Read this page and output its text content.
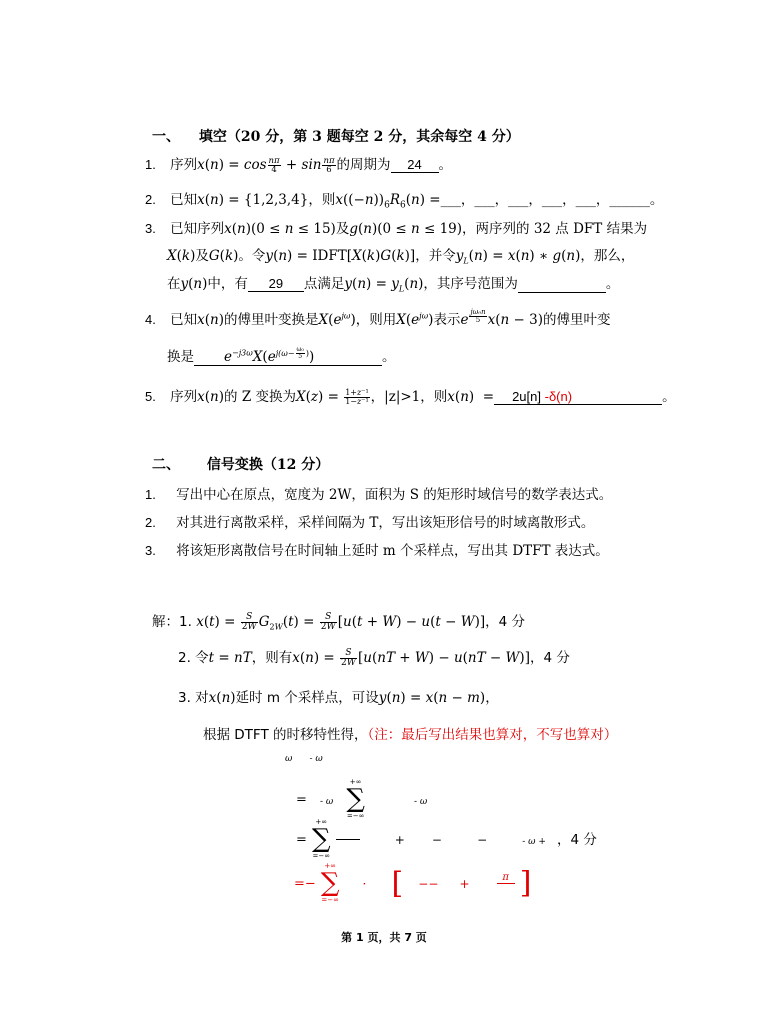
一、 填空（20 分，第 3 题每空 2 分，其余每空 4 分）
1. 序列$x(n) = \cos \frac{n\pi}{4} + \sin \frac{n\pi}{6}$ 的周期为 24 。
2. 已知x(n) = {1,2,3,4}，则$x((-n))_6R_6(n)$ =___，___，___，___，___，______。
3. 已知序列x(n)(0 ≤ n ≤ 15)及g(n)(0 ≤ n ≤ 19)，两序列的 32 点 DFT 结果为
X(k)及G(k)。令y(n) = IDFT[X(k)G(k)]，并令$y_L(n) = x(n)$ ∗ g(n)，那么，
在y(n)中，有 29 点满足$y(n) = y_L(n)$，其序号范围为	。
4. 已知x(n)的傅里叶变换是$X(e^{j\omega})$，则用$X(e^{j\omega})$表示e $^{\frac{\text{jω₀n}}{5}}$ x(n − 3)的傅里叶变
换是 $e^{-j3\omega}X(e^{j(\omega- \frac{\text{ω₀}}{5} )})$	。
5. 序列x(n)的 Z 变换为$X(z) = \frac{\text{1+z⁻¹}}{\text{1−z⁻¹}}$ ，|z|>1，则x(n)  = 2u[n] -δ(n)	。
二、 信号变换（12 分）
1. 写出中心在原点，宽度为 2W，面积为 S 的矩形时域信号的数学表达式。
2. 对其进行离散采样，采样间隔为 T，写出该矩形信号的时域离散形式。
3. 将该矩形离散信号在时间轴上延时 m 个采样点，写出其 DTFT 表达式。
解：1. $x(t) = \frac{S}{2W} G_{2W}(t) = \frac{S}{2W} [u(t + W) - u(t - W)]$，4 分
2. 令t = nT，则有$x(n) = \frac{S}{2W} [u(nT + W) - u(nT - W)]$，4 分
3. 对x(n)延时 m 个采样点，可设y(n) = x(n − m)，
根据 DTFT 的时移特性得，（注：最后写出结果也算对，不写也算对）
ω      - ω
= - ω
+∞
∑
=−∞
- ω
=
+∞
∑
=−∞
+ −	−	- ω + ，4 分
=−
+∞
∑
=−∞
· [ −− +	π
]
第 1 页，共 7 页
